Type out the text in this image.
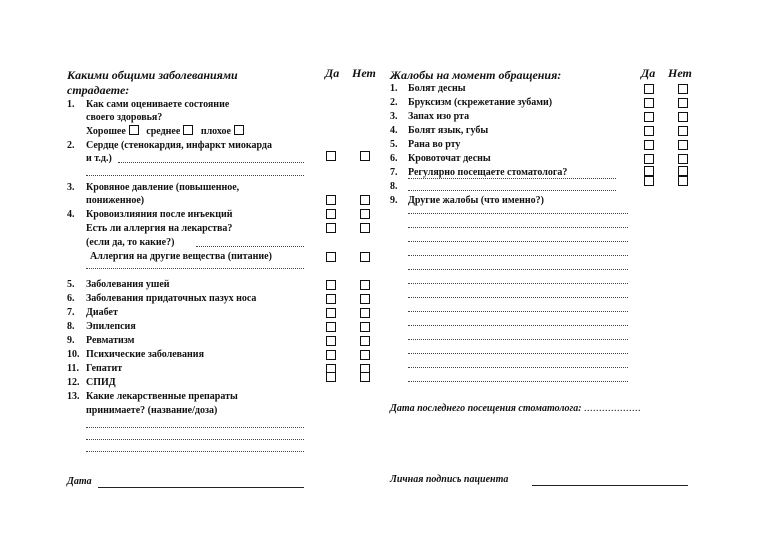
Какими общими заболеваниями
страдаете:
Да Нет
1. Как сами оцениваете состояние
своего здоровья?
Хорошее среднее плохое
2. Сердце (стенокардия, инфаркт миокарда
и т.д.)
3. Кровяное давление (повышенное,
пониженное)
4. Кровоизлияния после инъекций
Есть ли аллергия на лекарства?
(если да, то какие?)
Аллергия на другие вещества (питание)
5. Заболевания ушей
6. Заболевания придаточных пазух носа
7. Диабет
8. Эпилепсия
9. Ревматизм
10. Психические заболевания
11. Гепатит
12. СПИД
13. Какие лекарственные препараты
принимаете? (название/доза)
Дата
Жалобы на момент обращения:	Да Нет
1. Болят десны
2. Бруксизм (скрежетание зубами)
3. Запах изо рта
4. Болят язык, губы
5. Рана во рту
6. Кровоточат десны
7. Регулярно посещаете стоматолога?
8.
9. Другие жалобы (что именно?)
Дата последнего посещения стоматолога: ...................
Личная подпись пациента
